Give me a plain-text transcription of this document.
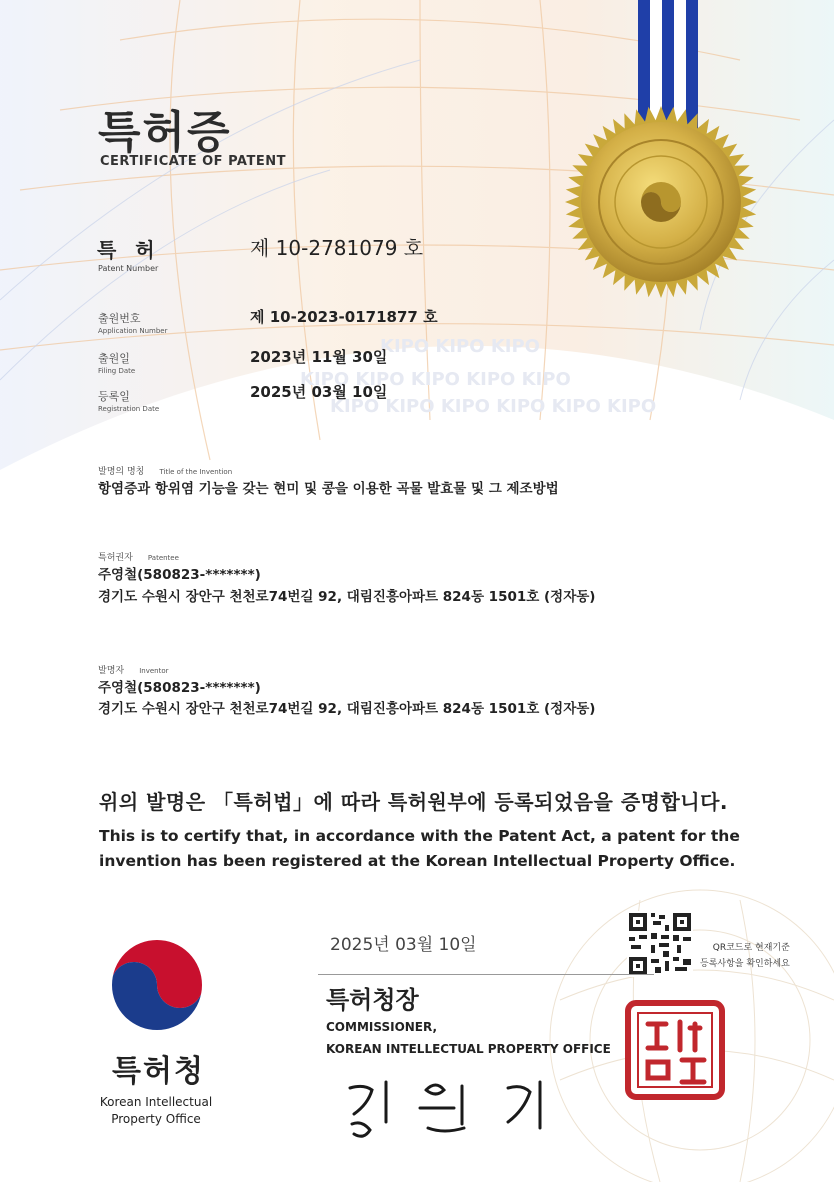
KIPO KIPO KIPO
KIPO KIPO KIPO KIPO KIPO
KIPO KIPO KIPO KIPO KIPO KIPO
특허증
CERTIFICATE OF PATENT
특 허
Patent Number
제 10-2781079 호
출원번호
Application Number
제 10-2023-0171877 호
출원일
Filing Date
2023년 11월 30일
등록일
Registration Date
2025년 03월 10일
발명의 명칭 Title of the Invention
항염증과 항위염 기능을 갖는 현미 및 콩을 이용한 곡물 발효물 및 그 제조방법
특허권자 Patentee
주영철(580823-*******)
경기도 수원시 장안구 천천로74번길 92, 대림진흥아파트 824동 1501호 (정자동)
발명자 Inventor
주영철(580823-*******)
경기도 수원시 장안구 천천로74번길 92, 대림진흥아파트 824동 1501호 (정자동)
위의 발명은 「특허법」에 따라 특허원부에 등록되었음을 증명합니다.
This is to certify that, in accordance with the Patent Act, a patent for the
invention has been registered at the Korean Intellectual Property Office.
2025년 03월 10일
특허청장
COMMISSIONER,
KOREAN INTELLECTUAL PROPERTY OFFICE
QR코드로 현재기준
등록사항을 확인하세요
특허청
Korean Intellectual
Property Office
